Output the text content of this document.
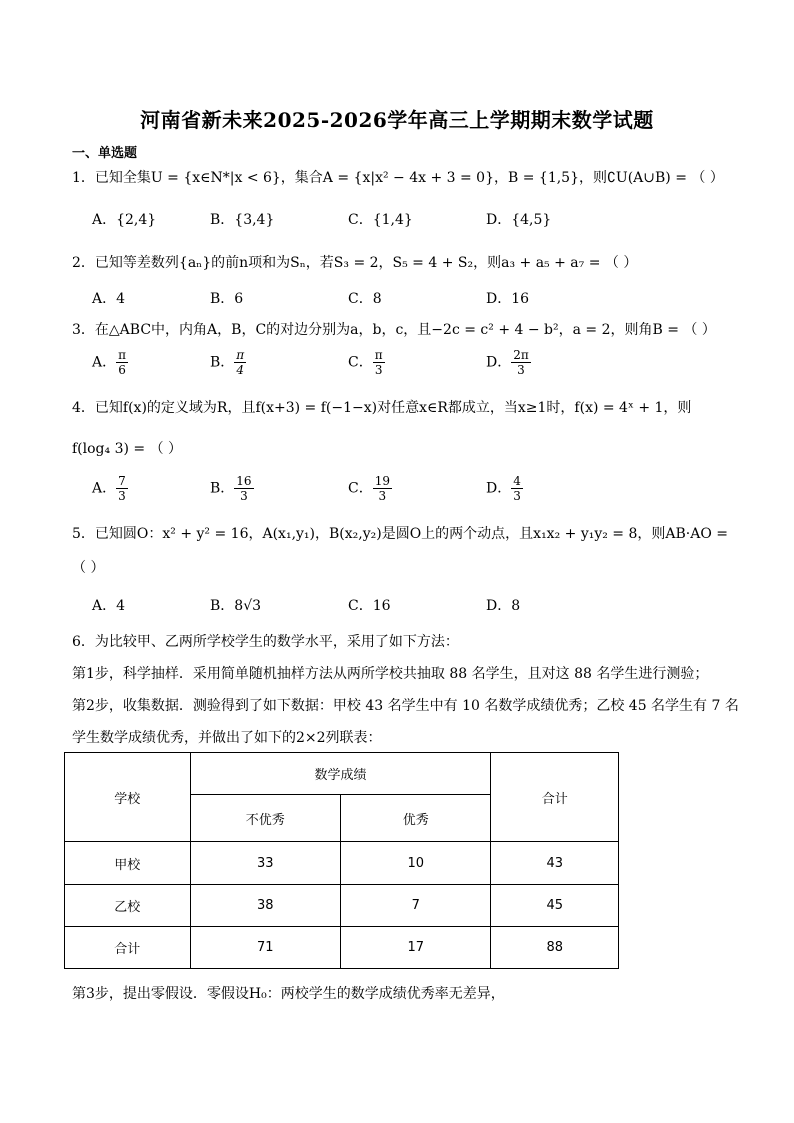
河南省新未来2025-2026学年高三上学期期末数学试题
一、单选题
1．已知全集U = {x∈N*|x < 6}，集合A = {x|x² − 4x + 3 = 0}，B = {1,5}，则∁U(A∪B) = （ ）
A．{2,4}	B．{3,4}	C．{1,4}	D．{4,5}
2．已知等差数列{aₙ}的前n项和为Sₙ，若S₃ = 2，S₅ = 4 + S₂，则a₃ + a₅ + a₇ = （ ）
A．4	B．6	C．8	D．16
3．在△ABC中，内角A，B，C的对边分别为a，b，c，且−2c = c² + 4 − b²，a = 2，则角B = （ ）
A． $\frac{\pi}{6}$	B． $\frac{\pi}{4}$	C． $\frac{\pi}{3}$	D． $\frac{2\pi}{3}$
4．已知f(x)的定义域为R，且f(x+3) = f(−1−x)对任意x∈R都成立，当x≥1时，f(x) = 4ˣ + 1，则
f(log₄ 3) = （ ）
A． $\frac{7}{3}$	B． $\frac{16}{3}$	C． $\frac{19}{3}$	D． $\frac{4}{3}$
5．已知圆O：x² + y² = 16，A(x₁,y₁)，B(x₂,y₂)是圆O上的两个动点，且x₁x₂ + y₁y₂ = 8，则AB·AO =
（ ）
A．4	B．8√3	C．16	D．8
6．为比较甲、乙两所学校学生的数学水平，采用了如下方法：
第1步，科学抽样．采用简单随机抽样方法从两所学校共抽取 88 名学生，且对这 88 名学生进行测验；
第2步，收集数据．测验得到了如下数据：甲校 43 名学生中有 10 名数学成绩优秀；乙校 45 名学生有 7 名
学生数学成绩优秀，并做出了如下的2×2列联表：
学校	数学成绩		合计
	不优秀	优秀	
甲校	33	10	43
乙校	38	7	45
合计	71	17	88
第3步，提出零假设．零假设H₀：两校学生的数学成绩优秀率无差异，
